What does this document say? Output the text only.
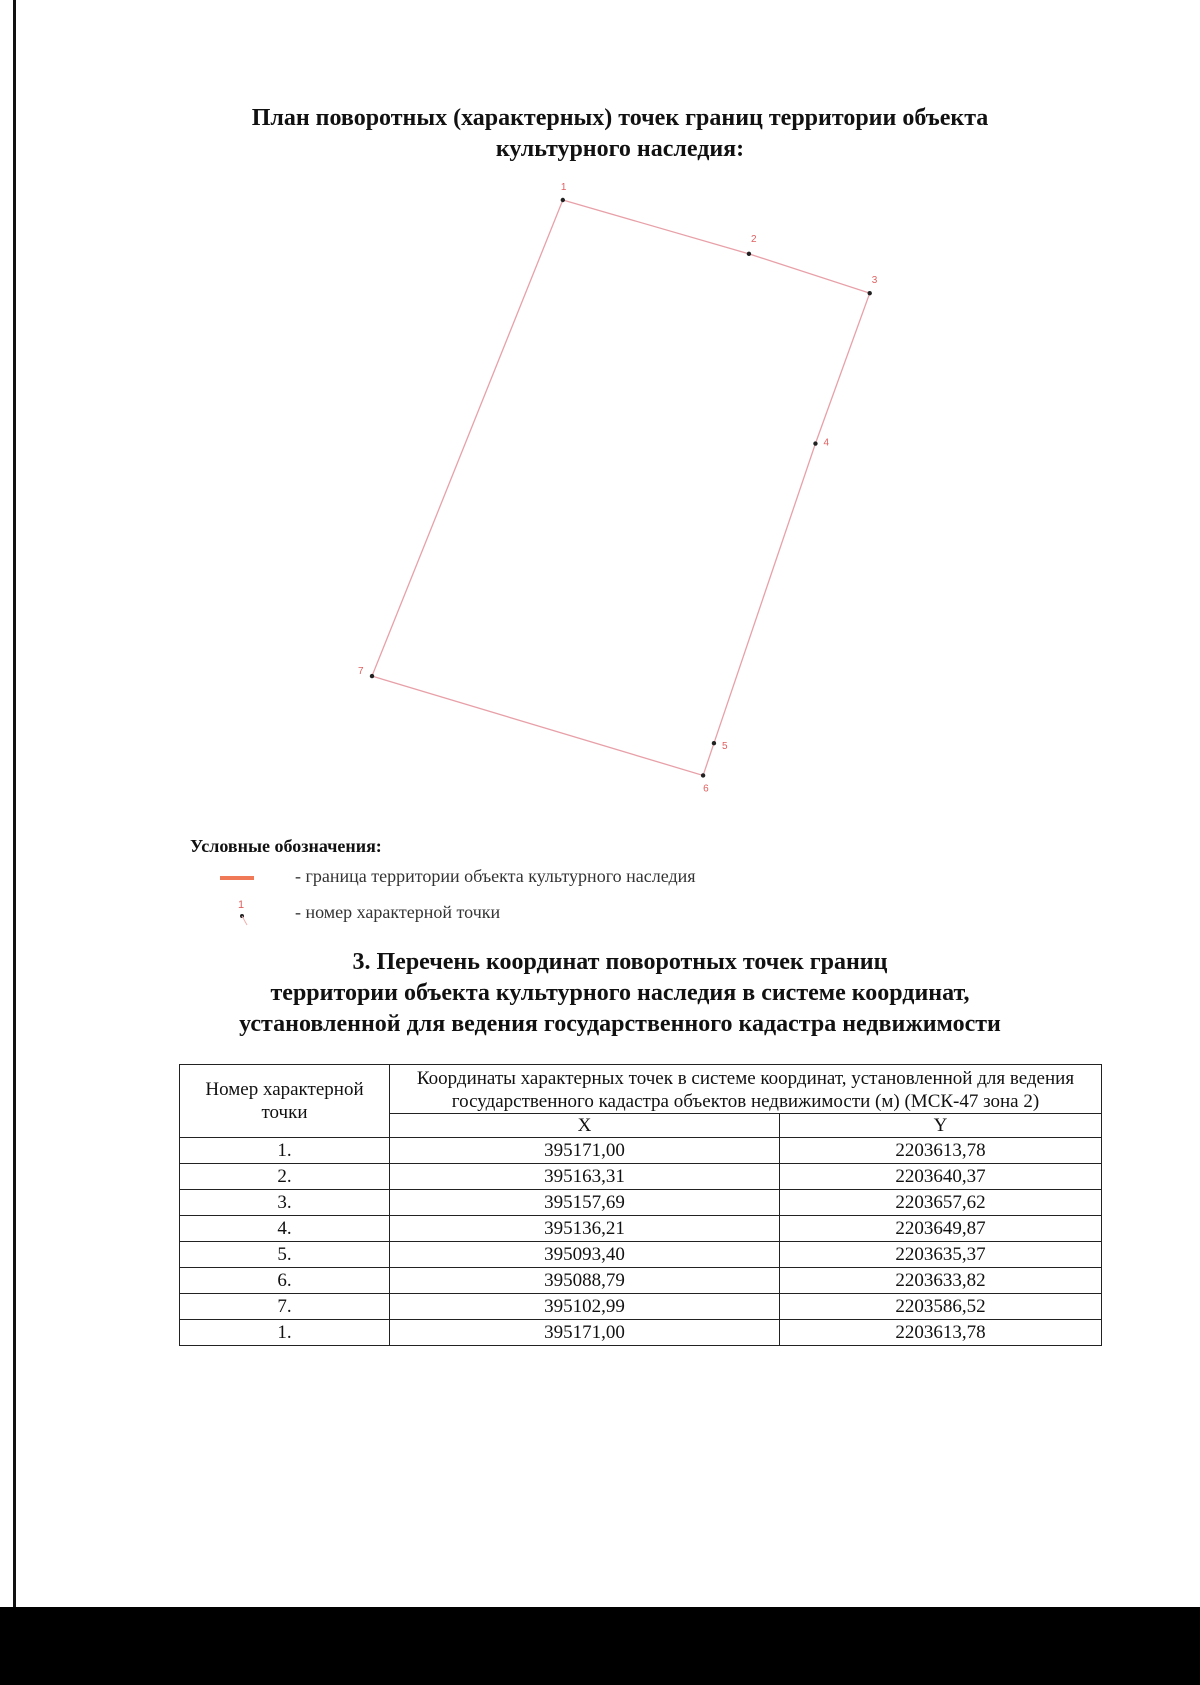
План поворотных (характерных) точек границ территории объекта
культурного наследия:
1
2
3
4
5
6
7
Условные обозначения:
- граница территории объекта культурного наследия
1	- номер характерной точки
3. Перечень координат поворотных точек границ
территории объекта культурного наследия в системе координат,
установленной для ведения государственного кадастра недвижимости
Номер характерной точки	Координаты характерных точек в системе координат, установленной для ведения государственного кадастра объектов недвижимости (м) (МСК-47 зона 2)	
	X	Y
1.	395171,00	2203613,78
2.	395163,31	2203640,37
3.	395157,69	2203657,62
4.	395136,21	2203649,87
5.	395093,40	2203635,37
6.	395088,79	2203633,82
7.	395102,99	2203586,52
1.	395171,00	2203613,78
